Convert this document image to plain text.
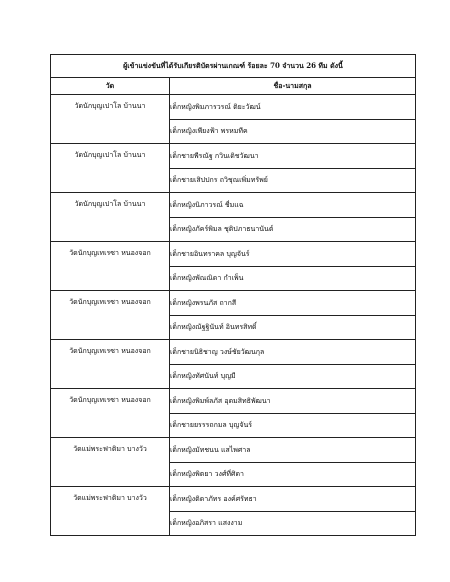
ผู้เข้าแข่งขันที่ได้รับเกียรติบัตรผ่านเกณฑ์ ร้อยละ 70 จำนวน 26 ทีม ดังนี้	
วัด	ชื่อ-นามสกุล
วัดนักบุญเปาโล บ้านนา	เด็กหญิงพิมภารวรณ์ ติยะวัฒน์
	เด็กหญิงเพียงฟ้า พรหมทีค
วัดนักบุญเปาโล บ้านนา	เด็กชายพีรณัฐ กวินเดิชวัฒนา
	เด็กชายเสิปปกร ถวิชุณเพิ่มทรัพย์
วัดนักบุญเปาโล บ้านนา	เด็กหญิงนิภาวรณ์ ชื่มแฉ
	เด็กหญิงภัคร์พิมล ชุติปภาธนานันต์
วัดนักบุญเทเรซา หนองจอก	เด็กชายอินทราคล บุญจันร์
	เด็กหญิงพัณณิดา กำเพ็น
วัดนักบุญเทเรซา หนองจอก	เด็กหญิงพรนภัส ถากสี
	เด็กหญิงณัฐฐินันท์ อินทรสิทดิ์
วัดนักบุญเทเรซา หนองจอก	เด็กชายนิธิชาญ วงษ์ชัยวัฒนกุล
	เด็กหญิงทัศนันท์ บุญมี
วัดนักบุญเทเรซา หนองจอก	เด็กหญิงพิมพ์ลภัส อุดมสิทธิพัฒนา
	เด็กชายยรรรถกมล บุญจันร์
วัดแม่พระฟาติมา บางวัว	เด็กหญิงมัทชนน แสไพศาล
	เด็กหญิงพิตยา วงศ์ที่ศิดา
วัดแม่พระฟาติมา บางวัว	เด็กหญิงติดาภัทร องค์ศรัทธา
	เด็กหญิงอภิสรา แสงงาม
